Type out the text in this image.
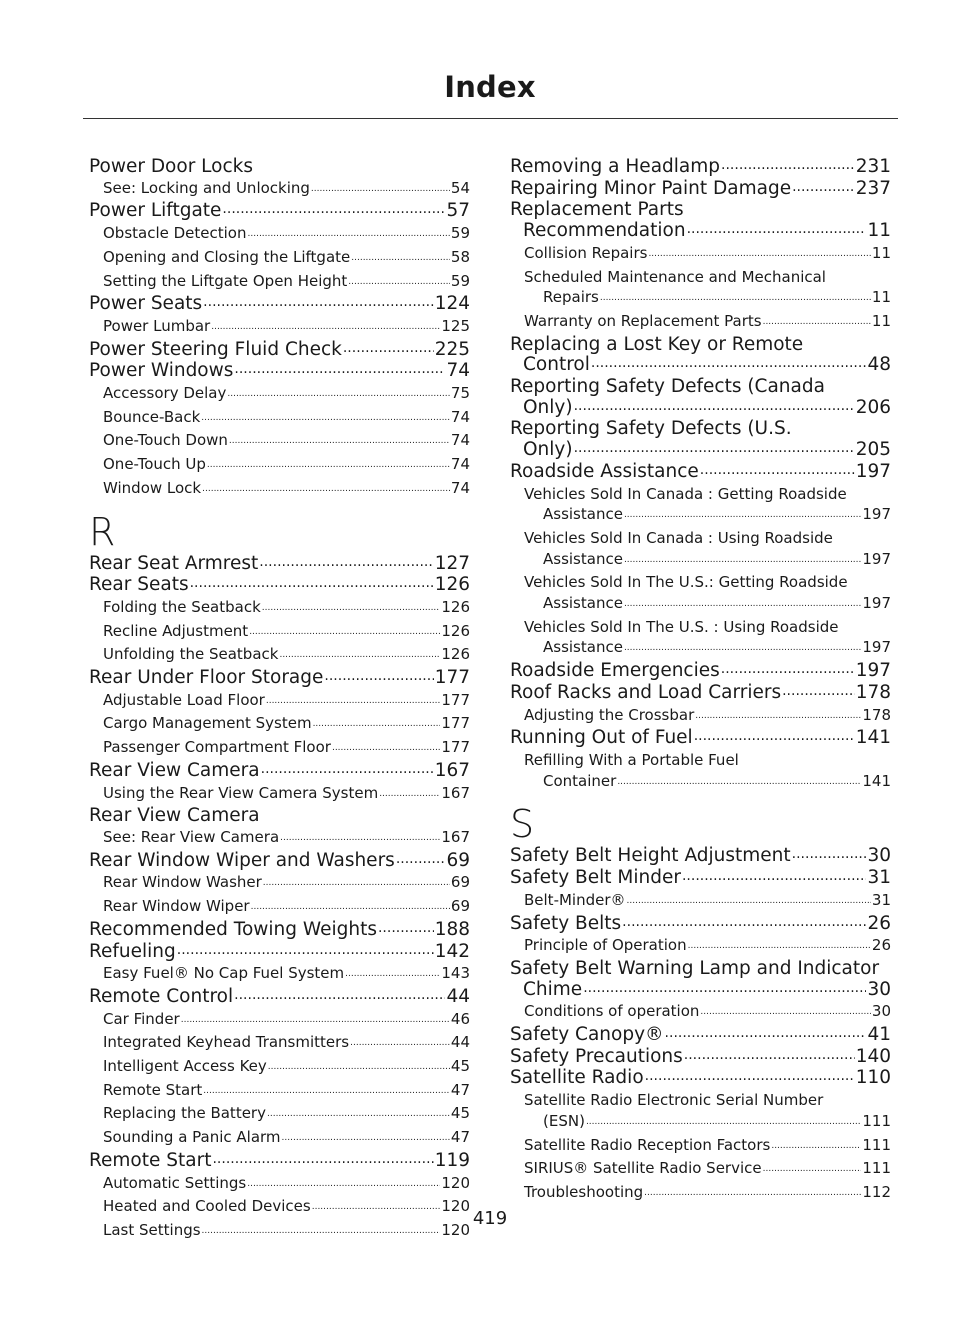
Index
Power Door Locks
See: Locking and Unlocking .....	54
Power Liftgate .....	57
Obstacle Detection .....	59
Opening and Closing the Liftgate .....	58
Setting the Liftgate Open Height .....	59
Power Seats .....	124
Power Lumbar .....	125
Power Steering Fluid Check .....	225
Power Windows .....	74
Accessory Delay .....	75
Bounce-Back .....	74
One-Touch Down .....	74
One-Touch Up .....	74
Window Lock .....	74
R
Rear Seat Armrest .....	127
Rear Seats .....	126
Folding the Seatback .....	126
Recline Adjustment .....	126
Unfolding the Seatback .....	126
Rear Under Floor Storage .....	177
Adjustable Load Floor .....	177
Cargo Management System .....	177
Passenger Compartment Floor .....	177
Rear View Camera .....	167
Using the Rear View Camera System .....	167
Rear View Camera
See: Rear View Camera .....	167
Rear Window Wiper and Washers .....	69
Rear Window Washer .....	69
Rear Window Wiper .....	69
Recommended Towing Weights .....	188
Refueling .....	142
Easy Fuel® No Cap Fuel System .....	143
Remote Control .....	44
Car Finder .....	46
Integrated Keyhead Transmitters .....	44
Intelligent Access Key .....	45
Remote Start .....	47
Replacing the Battery .....	45
Sounding a Panic Alarm .....	47
Remote Start .....	119
Automatic Settings .....	120
Heated and Cooled Devices .....	120
Last Settings .....	120
Removing a Headlamp .....	231
Repairing Minor Paint Damage .....	237
Replacement Parts
Recommendation .....	11
Collision Repairs .....	11
Scheduled Maintenance and Mechanical
Repairs .....	11
Warranty on Replacement Parts .....	11
Replacing a Lost Key or Remote
Control .....	48
Reporting Safety Defects (Canada
Only) .....	206
Reporting Safety Defects (U.S.
Only) .....	205
Roadside Assistance .....	197
Vehicles Sold In Canada : Getting Roadside
Assistance .....	197
Vehicles Sold In Canada : Using Roadside
Assistance .....	197
Vehicles Sold In The U.S.: Getting Roadside
Assistance .....	197
Vehicles Sold In The U.S. : Using Roadside
Assistance .....	197
Roadside Emergencies .....	197
Roof Racks and Load Carriers .....	178
Adjusting the Crossbar .....	178
Running Out of Fuel .....	141
Refilling With a Portable Fuel
Container .....	141
S
Safety Belt Height Adjustment .....	30
Safety Belt Minder .....	31
Belt-Minder® .....	31
Safety Belts .....	26
Principle of Operation .....	26
Safety Belt Warning Lamp and Indicator
Chime .....	30
Conditions of operation .....	30
Safety Canopy® .....	41
Safety Precautions .....	140
Satellite Radio .....	110
Satellite Radio Electronic Serial Number
(ESN) .....	111
Satellite Radio Reception Factors .....	111
SIRIUS® Satellite Radio Service .....	111
Troubleshooting .....	112
419
